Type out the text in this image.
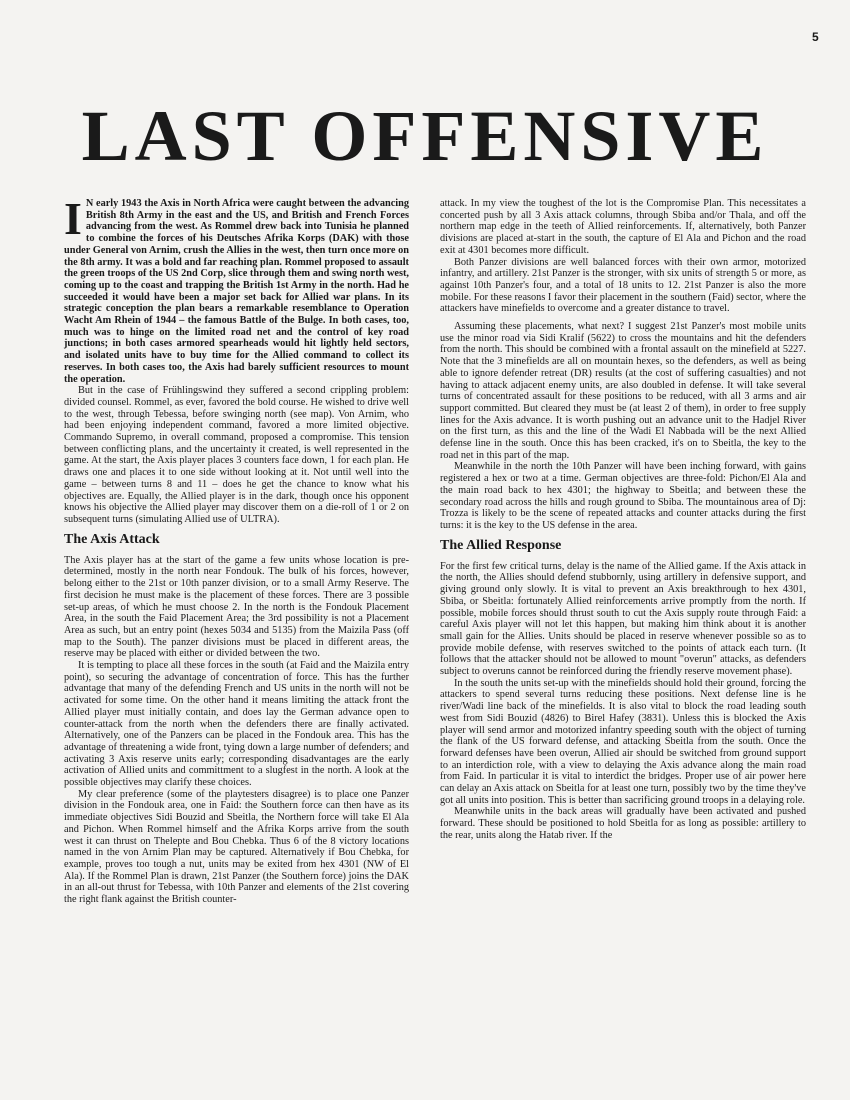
5
LAST OFFENSIVE

I N early 1943 the Axis in North Africa were caught between the advancing British 8th Army in the east and the US, and British and French Forces advancing from the west. As Rommel drew back into Tunisia he planned to combine the forces of his Deutsches Afrika Korps (DAK) with those under General von Arnim, crush the Allies in the west, then turn once more on the 8th army. It was a bold and far reaching plan. Rommel proposed to assault the green troops of the US 2nd Corp, slice through them and swing north west, coming up to the coast and trapping the British 1st Army in the north. Had he succeeded it would have been a major set back for Allied war plans. In its strategic conception the plan bears a remarkable resemblance to Operation Wacht Am Rhein of 1944 – the famous Battle of the Bulge. In both cases, too, much was to hinge on the limited road net and the control of key road junctions; in both cases armored spearheads would hit lightly held sectors, and isolated units have to buy time for the Allied command to collect its reserves. In both cases too, the Axis had barely sufficient resources to mount the operation.

But in the case of Frühlingswind they suffered a second crippling problem: divided counsel. Rommel, as ever, favored the bold course. He wished to drive well to the west, through Tebessa, before swinging north (see map). Von Arnim, who had been enjoying independent command, favored a more limited objective. Commando Supremo, in overall command, proposed a compromise. This tension between conflicting plans, and the uncertainty it created, is well represented in the game. At the start, the Axis player places 3 counters face down, 1 for each plan. He draws one and places it to one side without looking at it. Not until well into the game – between turns 8 and 11 – does he get the chance to know what his objectives are. Equally, the Allied player is in the dark, though once his opponent knows his objective the Allied player may discover them on a die-roll of 1 or 2 on subsequent turns (simulating Allied use of ULTRA).

The Axis Attack

The Axis player has at the start of the game a few units whose location is pre-determined, mostly in the north near Fondouk. The bulk of his forces, however, belong either to the 21st or 10th panzer division, or to a small Army Reserve. The first decision he must make is the placement of these forces. There are 3 possible set-up areas, of which he must choose 2. In the north is the Fondouk Placement Area, in the south the Faid Placement Area; the 3rd possibility is not a Placement Area as such, but an entry point (hexes 5034 and 5135) from the Maizila Pass (off map to the South). The panzer divisions must be placed in different areas, the reserve may be placed with either or divided between the two.

It is tempting to place all these forces in the south (at Faid and the Maizila entry point), so securing the advantage of concentration of force. This has the further advantage that many of the defending French and US units in the north will not be activated for some time. On the other hand it means limiting the attack front the Allied player must initially contain, and does lay the German advance open to counter-attack from the north when the defenders there are finally activated. Alternatively, one of the Panzers can be placed in the Fondouk area. This has the advantage of threatening a wide front, tying down a large number of defenders; and activating 3 Axis reserve units early; corresponding disadvantages are the early activation of Allied units and committment to a slugfest in the north. A look at the possible objectives may clarify these choices.

My clear preference (some of the playtesters disagree) is to place one Panzer division in the Fondouk area, one in Faid: the Southern force can then have as its immediate objectives Sidi Bouzid and Sbeitla, the Northern force will take El Ala and Pichon. When Rommel himself and the Afrika Korps arrive from the south west it can thrust on Thelepte and Bou Chebka. Thus 6 of the 8 victory locations named in the von Arnim Plan may be captured. Alternatively if Bou Chebka, for example, proves too tough a nut, units may be exited from hex 4301 (NW of El Ala). If the Rommel Plan is drawn, 21st Panzer (the Southern force) joins the DAK in an all-out thrust for Tebessa, with 10th Panzer and elements of the 21st covering the right flank against the British counter-

attack. In my view the toughest of the lot is the Compromise Plan. This necessitates a concerted push by all 3 Axis attack columns, through Sbiba and/or Thala, and off the northern map edge in the teeth of Allied reinforcements. If, alternatively, both Panzer divisions are placed at-start in the south, the capture of El Ala and Pichon and the road exit at 4301 becomes more difficult.

Both Panzer divisions are well balanced forces with their own armor, motorized infantry, and artillery. 21st Panzer is the stronger, with six units of strength 5 or more, as against 10th Panzer's four, and a total of 18 units to 12. 21st Panzer is also the more mobile. For these reasons I favor their placement in the southern (Faid) sector, where the attackers have minefields to overcome and a greater distance to travel.

Assuming these placements, what next? I suggest 21st Panzer's most mobile units use the minor road via Sidi Kralif (5622) to cross the mountains and hit the defenders from the north. This should be combined with a frontal assault on the minefield at 5227. Note that the 3 minefields are all on mountain hexes, so the defenders, as well as being able to ignore defender retreat (DR) results (at the cost of suffering casualties) and not having to attack adjacent enemy units, are also doubled in defense. It will take several turns of concentrated assault for these positions to be reduced, with all 3 arms and air support committed. But cleared they must be (at least 2 of them), in order to free supply lines for the Axis advance. It is worth pushing out an advance unit to the Hadjel River on the first turn, as this and the line of the Wadi El Nabbada will be the next Allied defense line in the south. Once this has been cracked, it's on to Sbeitla, the key to the road net in this part of the map.

Meanwhile in the north the 10th Panzer will have been inching forward, with gains registered a hex or two at a time. German objectives are three-fold: Pichon/El Ala and the main road back to hex 4301; the highway to Sbeitla; and between these the secondary road across the hills and rough ground to Sbiba. The mountainous area of Dj: Trozza is likely to be the scene of repeated attacks and counter attacks during the first turns: it is the key to the US defense in the area.

The Allied Response

For the first few critical turns, delay is the name of the Allied game. If the Axis attack in the north, the Allies should defend stubbornly, using artillery in defensive support, and giving ground only slowly. It is vital to prevent an Axis breakthrough to hex 4301, Sbiba, or Sbeitla: fortunately Allied reinforcements arrive promptly from the north. If possible, mobile forces should thrust south to cut the Axis supply route through Faid: a careful Axis player will not let this happen, but making him think about it is another small gain for the Allies. Units should be placed in reserve whenever possible so as to provide mobile defense, with reserves switched to the points of attack each turn. (It follows that the attacker should not be allowed to mount "overun" attacks, as defenders subject to overuns cannot be reinforced during the friendly reserve movement phase).

In the south the units set-up with the minefields should hold their ground, forcing the attackers to spend several turns reducing these positions. Next defense line is he river/Wadi line back of the minefields. It is also vital to block the road leading south west from Sidi Bouzid (4826) to Birel Hafey (3831). Unless this is blocked the Axis player will send armor and motorized infantry speeding south with the object of turning the flank of the US forward defense, and attacking Sbeitla from the south. Once the forward defenses have been overun, Allied air should be switched from ground support to an interdiction role, with a view to delaying the Axis advance along the main road from Faid. In particular it is vital to interdict the bridges. Proper use of air power here can delay an Axis attack on Sbeitla for at least one turn, possibly two by the time they've got all units into position. This is better than sacrificing ground troops in a delaying role.

Meanwhile units in the back areas will gradually have been activated and pushed forward. These should be positioned to hold Sbeitla for as long as possible: artillery to the rear, units along the Hatab river. If the
